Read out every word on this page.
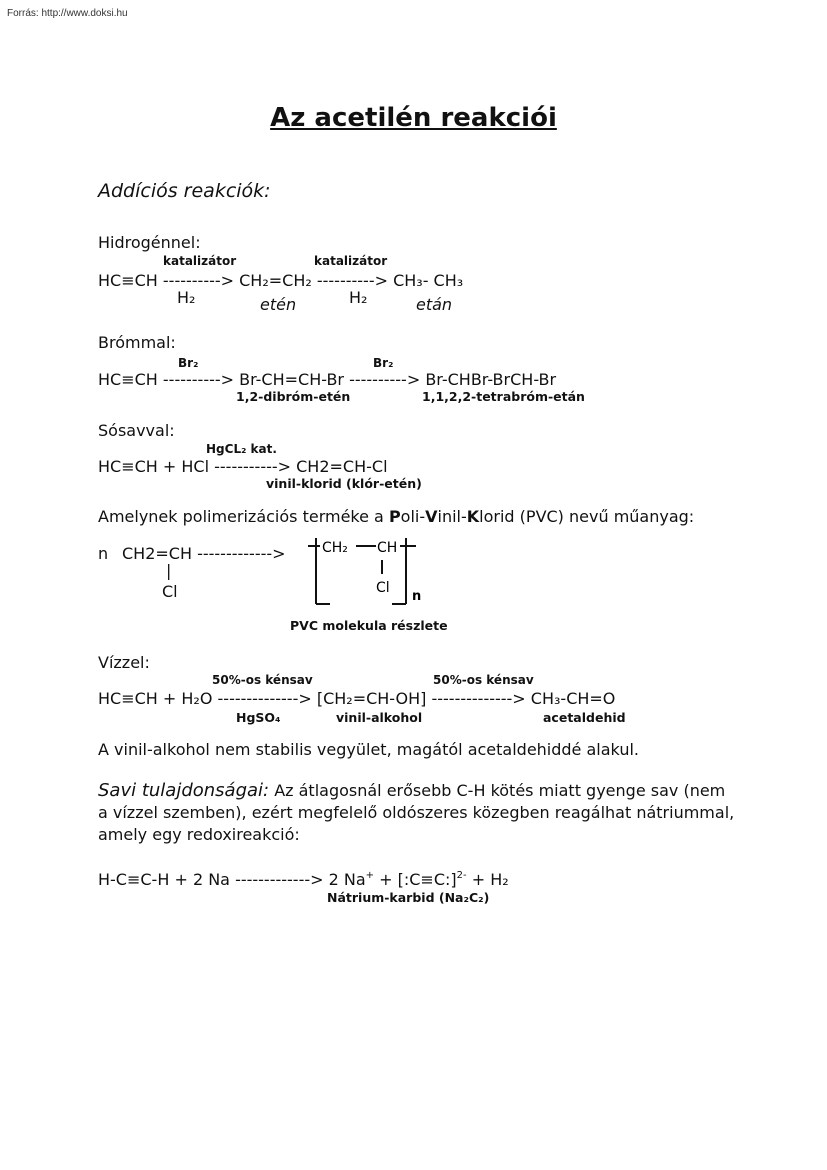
Forrás: http://www.doksi.hu
Az acetilén reakciói
Addíciós reakciók:
Hidrogénnel:
katalizátor	katalizátor
HC≡CH ----------> CH₂=CH₂ ----------> CH₃- CH₃
H₂	etén	H₂	etán
Brómmal:
Br₂	Br₂
HC≡CH ----------> Br-CH=CH-Br ----------> Br-CHBr-BrCH-Br
1,2-dibróm-etén	1,1,2,2-tetrabróm-etán
Sósavval:
HgCL₂ kat.
HC≡CH + HCl -----------> CH2=CH-Cl
vinil-klorid (klór-etén)
Amelynek polimerizációs terméke a Poli-Vinil-Klorid (PVC) nevű műanyag:
n CH2=CH ------------->
|
Cl
CH₂ CH
Cl
n
PVC molekula részlete
Vízzel:
50%-os kénsav	50%-os kénsav
HC≡CH + H₂O --------------> [CH₂=CH-OH] --------------> CH₃-CH=O
HgSO₄	vinil-alkohol	acetaldehid
A vinil-alkohol nem stabilis vegyület, magától acetaldehiddé alakul.
Savi tulajdonságai: Az átlagosnál erősebb C-H kötés miatt gyenge sav (nem a vízzel szemben), ezért megfelelő oldószeres közegben reagálhat nátriummal, amely egy redoxireakció:
H-C≡C-H + 2 Na -------------> 2 Na+ + [:C≡C:]$^{2-}$ + H₂
Nátrium-karbid (Na₂C₂)
